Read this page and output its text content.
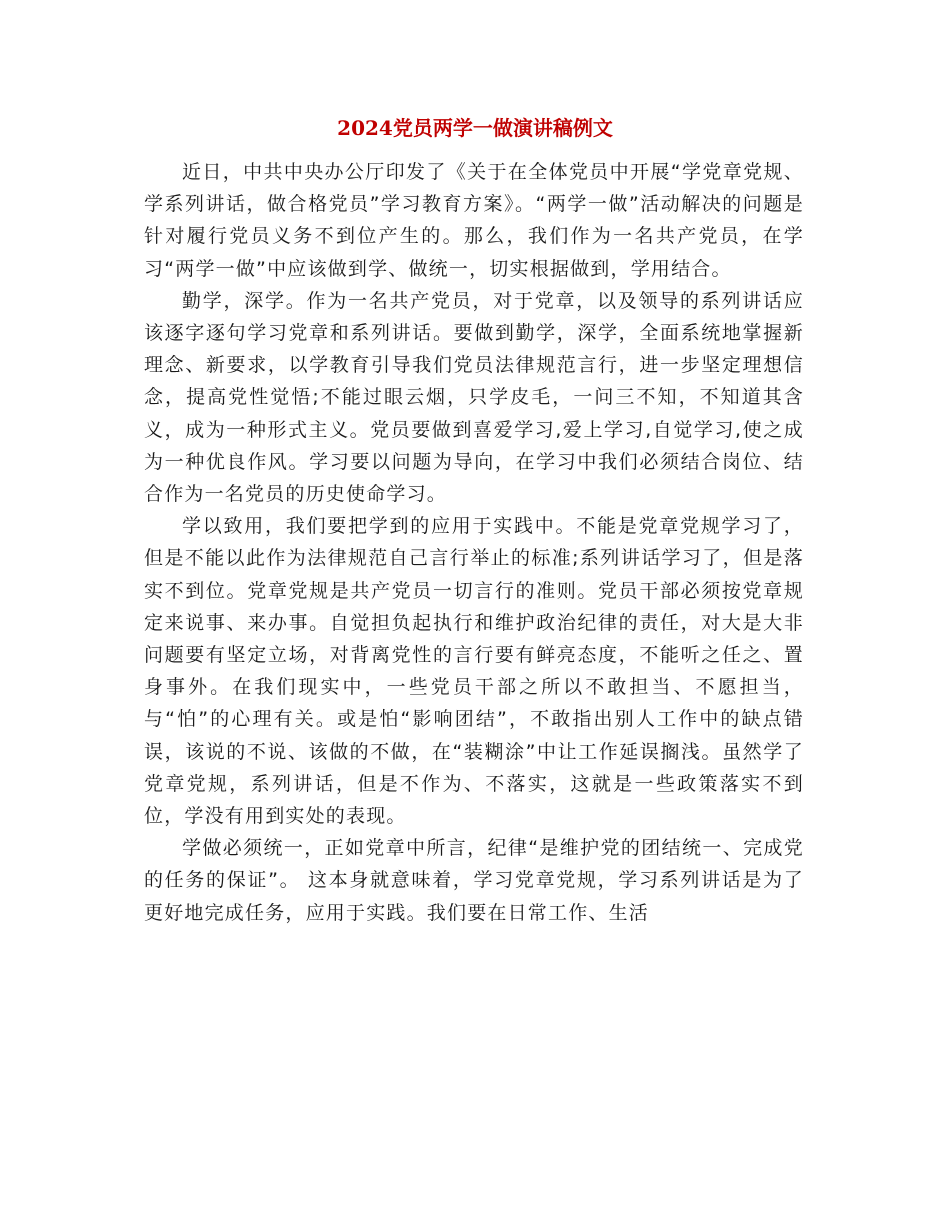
2024党员两学一做演讲稿例文

近日，中共中央办公厅印发了《关于在全体党员中开展“学党章党规、学系列讲话，做合格党员”学习教育方案》。“两学一做”活动解决的问题是针对履行党员义务不到位产生的。那么，我们作为一名共产党员，在学习“两学一做”中应该做到学、做统一，切实根据做到，学用结合。

勤学，深学。作为一名共产党员，对于党章，以及领导的系列讲话应该逐字逐句学习党章和系列讲话。要做到勤学，深学，全面系统地掌握新理念、新要求，以学教育引导我们党员法律规范言行，进一步坚定理想信念，提高党性觉悟;不能过眼云烟，只学皮毛，一问三不知，不知道其含义，成为一种形式主义。党员要做到喜爱学习,爱上学习,自觉学习,使之成为一种优良作风。学习要以问题为导向，在学习中我们必须结合岗位、结合作为一名党员的历史使命学习。

学以致用，我们要把学到的应用于实践中。不能是党章党规学习了，但是不能以此作为法律规范自己言行举止的标准;系列讲话学习了，但是落实不到位。党章党规是共产党员一切言行的准则。党员干部必须按党章规定来说事、来办事。自觉担负起执行和维护政治纪律的责任，对大是大非问题要有坚定立场，对背离党性的言行要有鲜亮态度，不能听之任之、置身事外。在我们现实中，一些党员干部之所以不敢担当、不愿担当，与“怕”的心理有关。或是怕“影响团结”，不敢指出别人工作中的缺点错误，该说的不说、该做的不做，在“装糊涂”中让工作延误搁浅。虽然学了党章党规，系列讲话，但是不作为、不落实，这就是一些政策落实不到位，学没有用到实处的表现。

学做必须统一，正如党章中所言，纪律“是维护党的团结统一、完成党的任务的保证”。 这本身就意味着，学习党章党规，学习系列讲话是为了更好地完成任务，应用于实践。我们要在日常工作、生活
